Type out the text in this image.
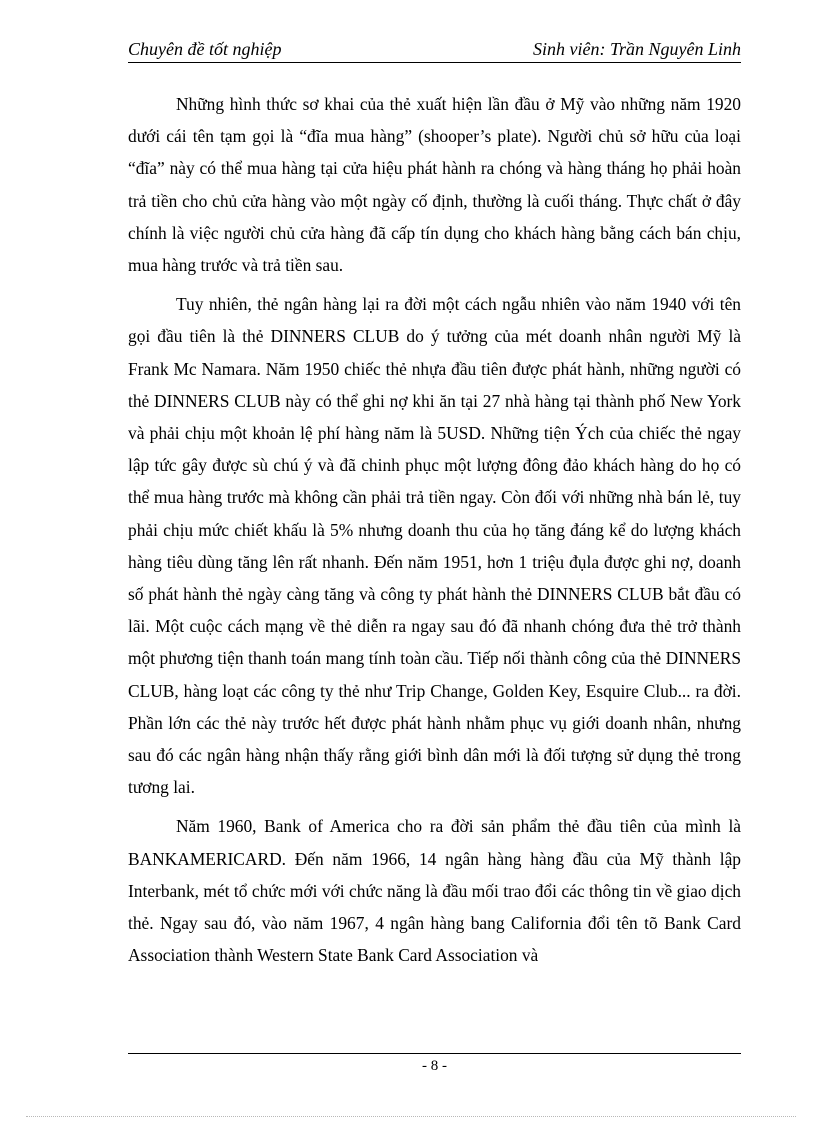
Chuyên đề tốt nghiệp	Sinh viên: Trần Nguyên Linh

Những hình thức sơ khai của thẻ xuất hiện lần đầu ở Mỹ vào những năm 1920 dưới cái tên tạm gọi là “đĩa mua hàng” (shooper’s plate). Người chủ sở hữu của loại “đĩa” này có thể mua hàng tại cửa hiệu phát hành ra chóng và hàng tháng họ phải hoàn trả tiền cho chủ cửa hàng vào một ngày cố định, thường là cuối tháng. Thực chất ở đây chính là việc người chủ cửa hàng đã cấp tín dụng cho khách hàng bằng cách bán chịu, mua hàng trước và trả tiền sau.

Tuy nhiên, thẻ ngân hàng lại ra đời một cách ngẫu nhiên vào năm 1940 với tên gọi đầu tiên là thẻ DINNERS CLUB do ý tưởng của mét doanh nhân người Mỹ là Frank Mc Namara. Năm 1950 chiếc thẻ nhựa đầu tiên được phát hành, những người có thẻ DINNERS CLUB này có thể ghi nợ khi ăn tại 27 nhà hàng tại thành phố New York và phải chịu một khoản lệ phí hàng năm là 5USD. Những tiện Ých của chiếc thẻ ngay lập tức gây được sù chú ý và đã chinh phục một lượng đông đảo khách hàng do họ có thể mua hàng trước mà không cần phải trả tiền ngay. Còn đối với những nhà bán lẻ, tuy phải chịu mức chiết khấu là 5% nhưng doanh thu của họ tăng đáng kể do lượng khách hàng tiêu dùng tăng lên rất nhanh. Đến năm 1951, hơn 1 triệu đụla được ghi nợ, doanh số phát hành thẻ ngày càng tăng và công ty phát hành thẻ DINNERS CLUB bắt đầu có lãi. Một cuộc cách mạng về thẻ diễn ra ngay sau đó đã nhanh chóng đưa thẻ trở thành một phương tiện thanh toán mang tính toàn cầu. Tiếp nối thành công của thẻ DINNERS CLUB, hàng loạt các công ty thẻ như Trip Change, Golden Key, Esquire Club... ra đời. Phần lớn các thẻ này trước hết được phát hành nhằm phục vụ giới doanh nhân, nhưng sau đó các ngân hàng nhận thấy rằng giới bình dân mới là đối tượng sử dụng thẻ trong tương lai.

Năm 1960, Bank of America cho ra đời sản phẩm thẻ đầu tiên của mình là BANKAMERICARD. Đến năm 1966, 14 ngân hàng hàng đầu của Mỹ thành lập Interbank, mét tổ chức mới với chức năng là đầu mối trao đổi các thông tin về giao dịch thẻ. Ngay sau đó, vào năm 1967, 4 ngân hàng bang California đổi tên tõ Bank Card Association thành Western State Bank Card Association và

- 8 -
